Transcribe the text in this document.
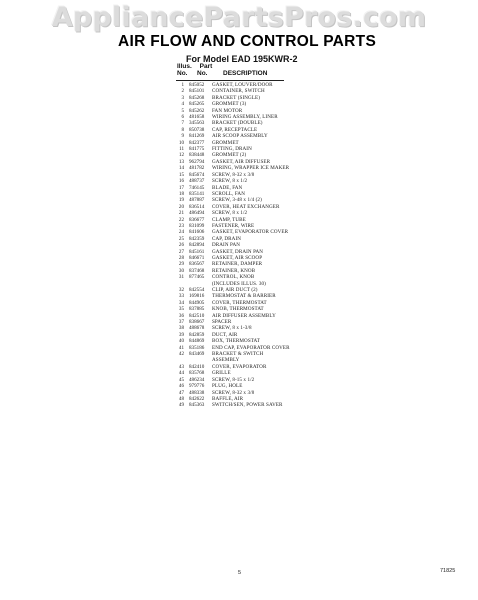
AppliancePartsPros.com
AIR FLOW AND CONTROL PARTS
For Model EAD 195KWR-2
Illus. Part
No. No. DESCRIPTION
1 845052 GASKET, LOUVER/DOOR
2 845101 CONTAINER, SWITCH
3 845268 BRACKET (SINGLE)
4 845265 GROMMET (3)
5 845262 FAN MOTOR
6 481658 WIRING ASSEMBLY, LINER
7 345563 BRACKET (DOUBLE)
8 850738 CAP, RECEPTACLE
9 841269 AIR SCOOP ASSEMBLY
10 842377 GROMMET
11 841775 FITTING, DRAIN
12 838448 GROMMET (2)
13 962794 GASKET, AIR DIFFUSER
14 481782 WIRING, WRAPPER ICE MAKER
15 845674 SCREW, 8-32 x 3/8
16 488737 SCREW, 8 x 1/2
17 746145 BLADE, FAN
18 835141 SCROLL, FAN
19 487887 SCREW, 3-48 x 1/4 (2)
20 836514 COVER, HEAT EXCHANGER
21 486494 SCREW, 8 x 1/2
22 836677 CLAMP, TUBE
23 831099 FASTENER, WIRE
24 841606 GASKET, EVAPORATOR COVER
25 842359 CAP, DRAIN
26 842894 DRAIN PAN
27 845161 GASKET, DRAIN PAN
28 846671 GASKET, AIR SCOOP
29 836567 RETAINER, DAMPER
30 837468 RETAINER, KNOB
31 877465 CONTROL, KNOB
(INCLUDES ILLUS. 30)
32 842554 CLIP, AIR DUCT (2)
33 169816 THERMOSTAT & BARRIER
34 844905 COVER, THERMOSTAT
35 837885 KNOB, THERMOSTAT
36 842510 AIR DIFFUSER ASSEMBLY
37 838667 SPACER
38 488678 SCREW, 8 x 1-3/8
39 842859 DUCT, AIR
40 844869 BOX, THERMOSTAT
41 835186 END CAP, EVAPORATOR COVER
42 843469 BRACKET & SWITCH
ASSEMBLY
43 842410 COVER, EVAPORATOR
44 835768 GRILLE
45 486234 SCREW, 8-15 x 1/2
46 979776 PLUG, HOLE
47 488338 SCREW, 8-32 x 3/8
48 842622 BAFFLE, AIR
49 845363 SWITCH/SEN, POWER SAVER
5	71825
